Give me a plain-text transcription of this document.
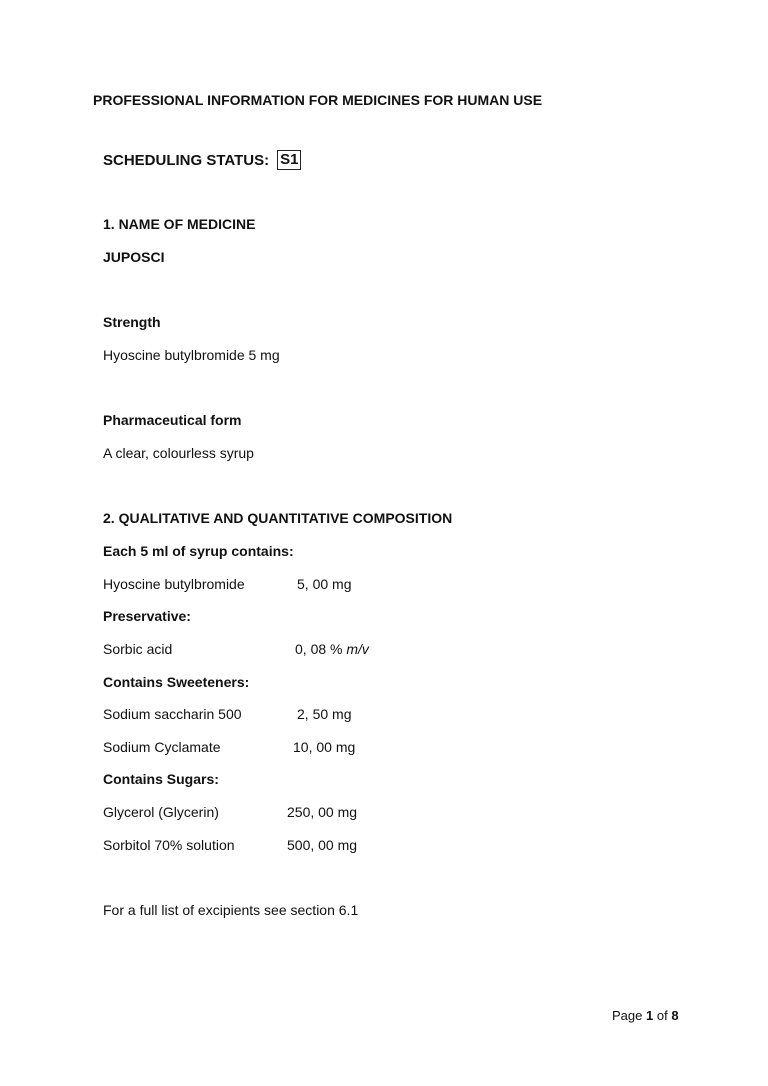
PROFESSIONAL INFORMATION FOR MEDICINES FOR HUMAN USE
SCHEDULING STATUS: S1
1. NAME OF MEDICINE
JUPOSCI
Strength
Hyoscine butylbromide 5 mg
Pharmaceutical form
A clear, colourless syrup
2. QUALITATIVE AND QUANTITATIVE COMPOSITION
Each 5 ml of syrup contains:
Hyoscine butylbromide	5, 00 mg
Preservative:
Sorbic acid	0, 08 % m/v
Contains Sweeteners:
Sodium saccharin 500	2, 50 mg
Sodium Cyclamate	10, 00 mg
Contains Sugars:
Glycerol (Glycerin)	250, 00 mg
Sorbitol 70% solution	500, 00 mg
For a full list of excipients see section 6.1
Page 1 of 8
